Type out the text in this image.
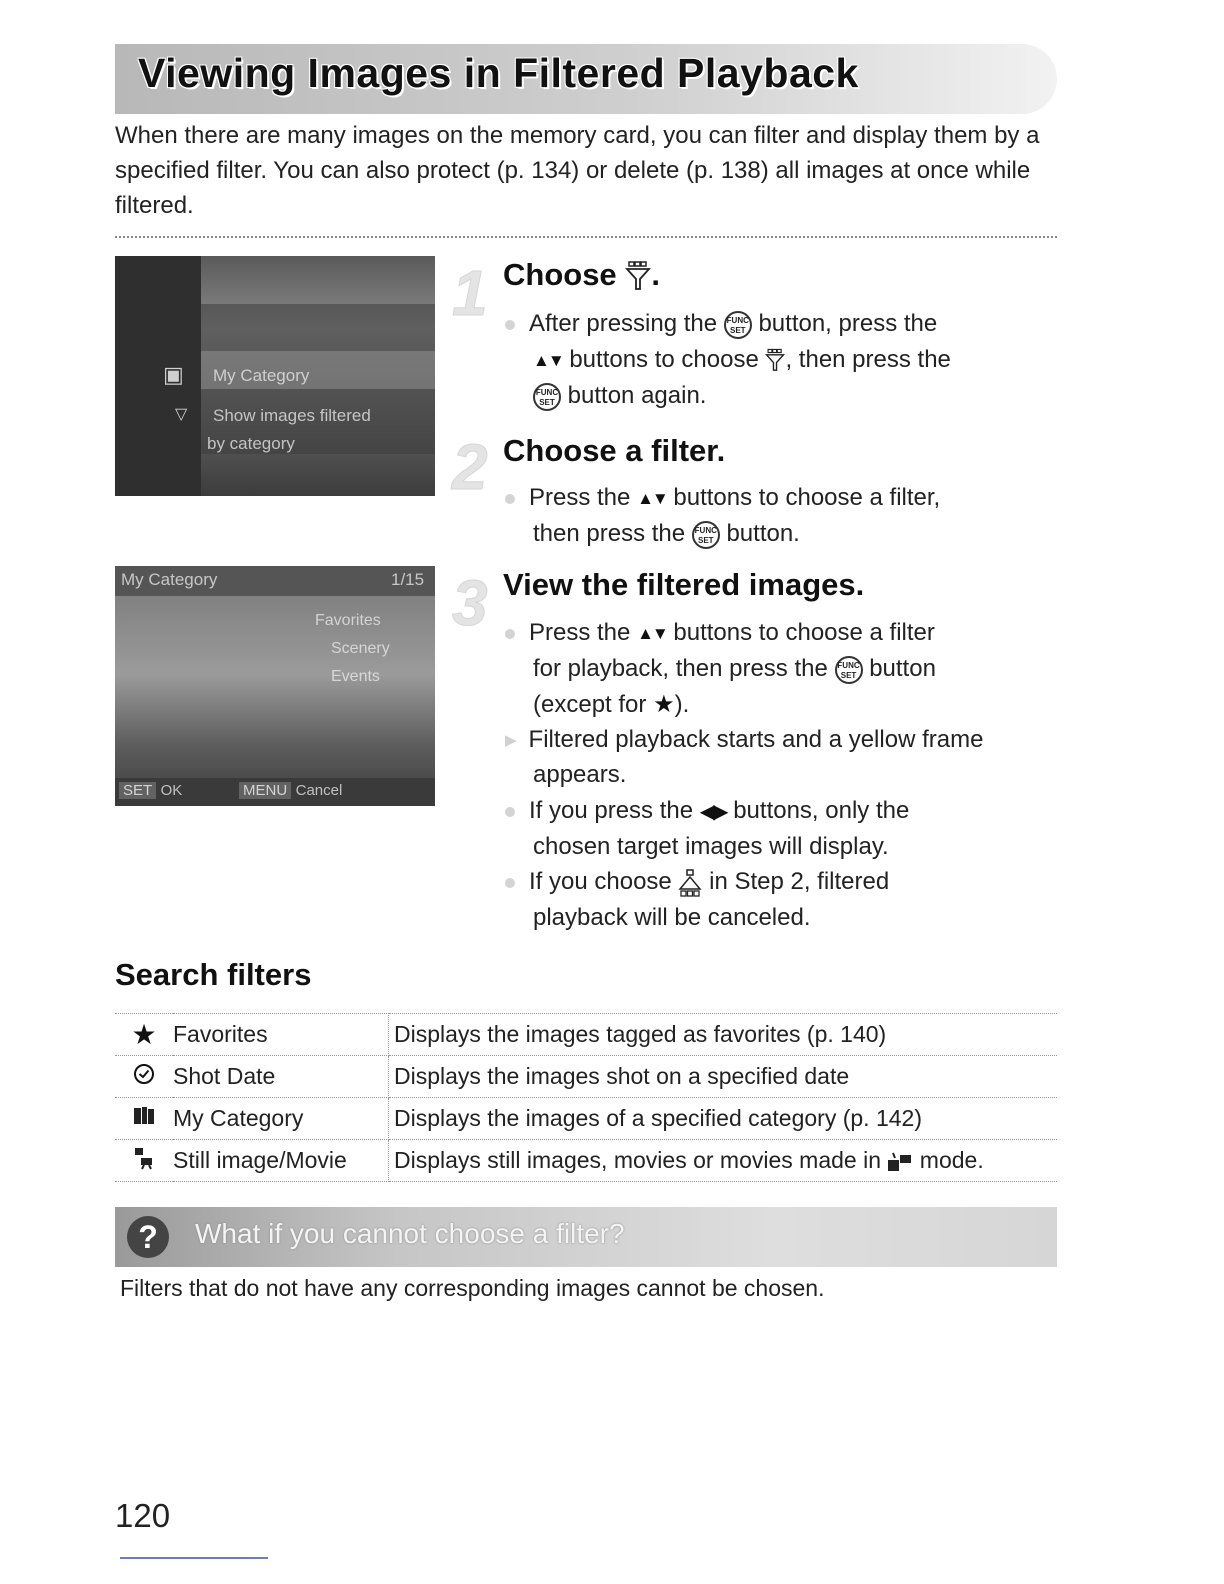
Viewing Images in Filtered Playback

When there are many images on the memory card, you can filter and display them by a specified filter. You can also protect (p. 134) or delete (p. 138) all images at once while filtered.

▣
▽
My Category
Show images filtered
by category
My Category	1/15
Favorites
Scenery
Events
SET OK	MENU Cancel
1 Choose .
After pressing the FUNC
SET button, press the
▲▼ buttons to choose , then press the
FUNC
SET button again.
2 Choose a filter.
Press the ▲▼ buttons to choose a filter,
then press the FUNC
SET button.
3 View the filtered images.
Press the ▲▼ buttons to choose a filter
for playback, then press the FUNC
SET button
(except for ★).
▶ Filtered playback starts and a yellow frame
appears.
If you press the ◀▶ buttons, only the
chosen target images will display.
If you choose in Step 2, filtered
playback will be canceled.
Search filters
★	Favorites	Displays the images tagged as favorites (p. 140)
	Shot Date	Displays the images shot on a specified date
	My Category	Displays the images of a specified category (p. 142)
	Still image/Movie	Displays still images, movies or movies made in mode.
?	What if you cannot choose a filter?
Filters that do not have any corresponding images cannot be chosen.
120
